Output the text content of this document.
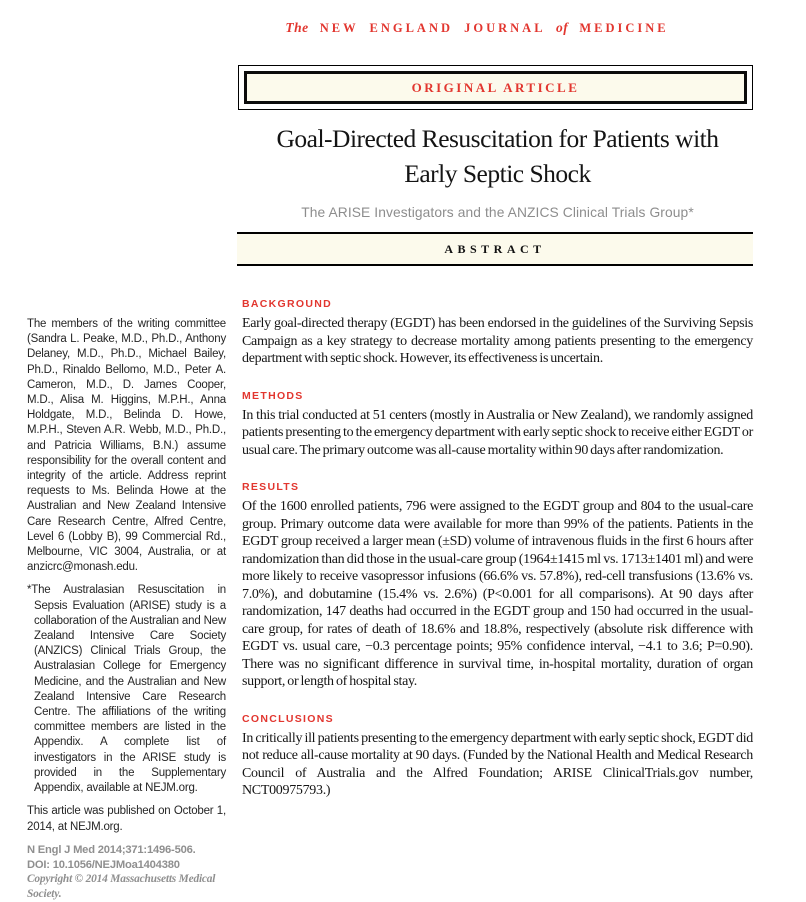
The NEW ENGLAND JOURNAL of MEDICINE
ORIGINAL ARTICLE

Goal-Directed Resuscitation for Patients with Early Septic Shock

The ARISE Investigators and the ANZICS Clinical Trials Group*
ABSTRACT

The members of the writing committee (Sandra L. Peake, M.D., Ph.D., Anthony Delaney, M.D., Ph.D., Michael Bailey, Ph.D., Rinaldo Bellomo, M.D., Peter A. Cameron, M.D., D. James Cooper, M.D., Alisa M. Higgins, M.P.H., Anna Holdgate, M.D., Belinda D. Howe, M.P.H., Steven A.R. Webb, M.D., Ph.D., and Patricia Williams, B.N.) assume responsibility for the overall content and integrity of the article. Address reprint requests to Ms. Belinda Howe at the Australian and New Zealand Intensive Care Research Centre, Alfred Centre, Level 6 (Lobby B), 99 Commercial Rd., Melbourne, VIC 3004, Australia, or at anzicrc@monash.edu.

*The Australasian Resuscitation in Sepsis Evaluation (ARISE) study is a collaboration of the Australian and New Zealand Intensive Care Society (ANZICS) Clinical Trials Group, the Australasian College for Emergency Medicine, and the Australian and New Zealand Intensive Care Research Centre. The affiliations of the writing committee members are listed in the Appendix. A complete list of investigators in the ARISE study is provided in the Supplementary Appendix, available at NEJM.org.

This article was published on October 1, 2014, at NEJM.org.

N Engl J Med 2014;371:1496-506.

DOI: 10.1056/NEJMoa1404380

Copyright © 2014 Massachusetts Medical Society.

BACKGROUND

Early goal-directed therapy (EGDT) has been endorsed in the guidelines of the Surviving Sepsis Campaign as a key strategy to decrease mortality among patients presenting to the emergency department with septic shock. However, its effectiveness is uncertain.

METHODS

In this trial conducted at 51 centers (mostly in Australia or New Zealand), we randomly assigned patients presenting to the emergency department with early septic shock to receive either EGDT or usual care. The primary outcome was all-cause mortality within 90 days after randomization.

RESULTS

Of the 1600 enrolled patients, 796 were assigned to the EGDT group and 804 to the usual-care group. Primary outcome data were available for more than 99% of the patients. Patients in the EGDT group received a larger mean (±SD) volume of intravenous fluids in the first 6 hours after randomization than did those in the usual-care group (1964±1415 ml vs. 1713±1401 ml) and were more likely to receive vasopressor infusions (66.6% vs. 57.8%), red-cell transfusions (13.6% vs. 7.0%), and dobutamine (15.4% vs. 2.6%) (P<0.001 for all comparisons). At 90 days after randomization, 147 deaths had occurred in the EGDT group and 150 had occurred in the usual-care group, for rates of death of 18.6% and 18.8%, respectively (absolute risk difference with EGDT vs. usual care, −0.3 percentage points; 95% confidence interval, −4.1 to 3.6; P=0.90). There was no significant difference in survival time, in-hospital mortality, duration of organ support, or length of hospital stay.

CONCLUSIONS

In critically ill patients presenting to the emergency department with early septic shock, EGDT did not reduce all-cause mortality at 90 days. (Funded by the National Health and Medical Research Council of Australia and the Alfred Foundation; ARISE ClinicalTrials.gov number, NCT00975793.)
